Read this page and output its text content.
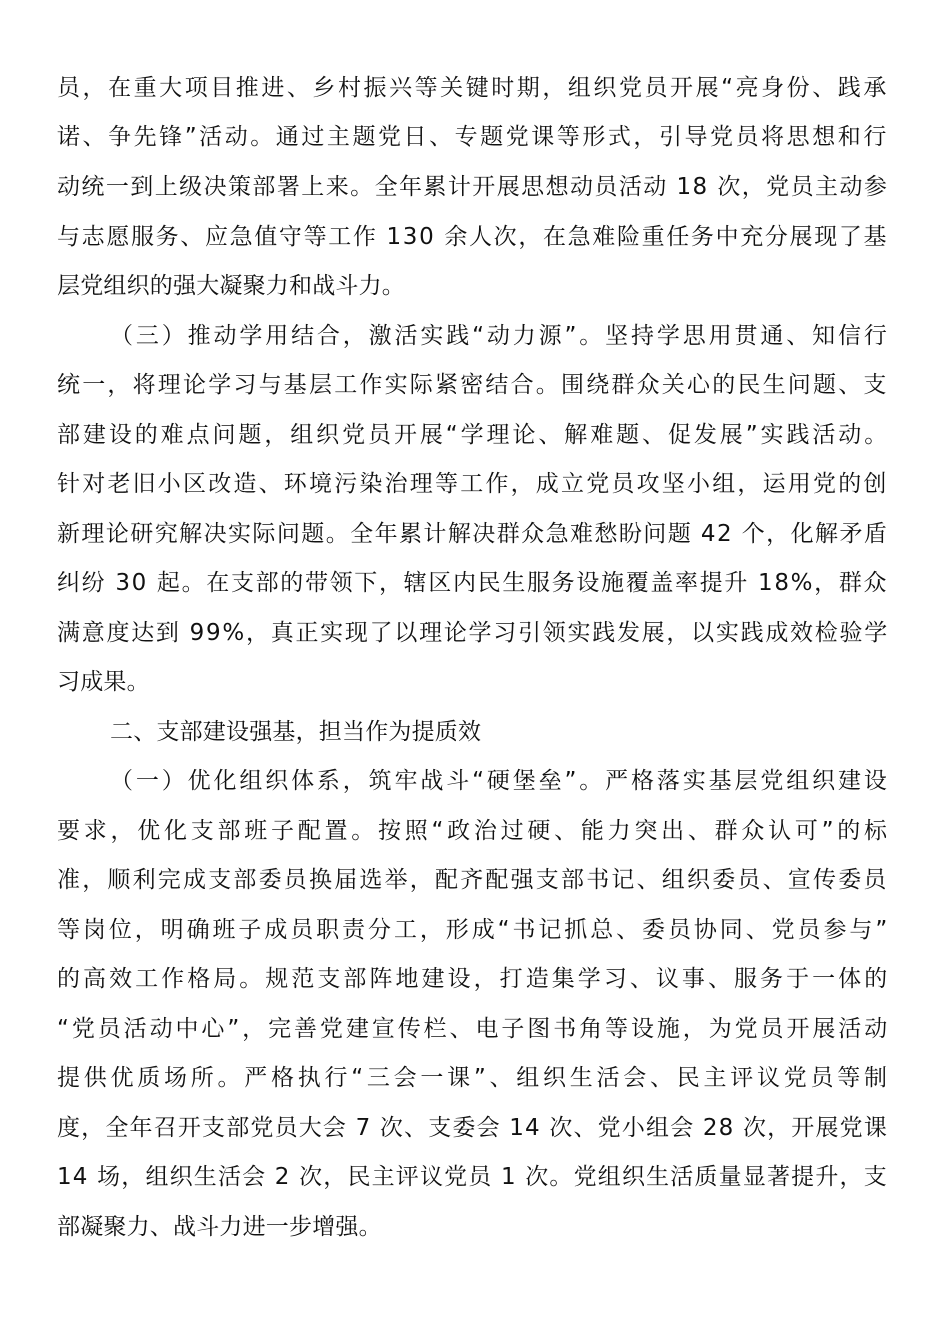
员，在重大项目推进、乡村振兴等关键时期，组织党员开展“亮身份、践承
诺、争先锋”活动。通过主题党日、专题党课等形式，引导党员将思想和行
动统一到上级决策部署上来。全年累计开展思想动员活动 18 次，党员主动参
与志愿服务、应急值守等工作 130 余人次，在急难险重任务中充分展现了基
层党组织的强大凝聚力和战斗力。
（三）推动学用结合，激活实践“动力源”。坚持学思用贯通、知信行
统一，将理论学习与基层工作实际紧密结合。围绕群众关心的民生问题、支
部建设的难点问题，组织党员开展“学理论、解难题、促发展”实践活动。
针对老旧小区改造、环境污染治理等工作，成立党员攻坚小组，运用党的创
新理论研究解决实际问题。全年累计解决群众急难愁盼问题 42 个，化解矛盾
纠纷 30 起。在支部的带领下，辖区内民生服务设施覆盖率提升 18%，群众
满意度达到 99%，真正实现了以理论学习引领实践发展，以实践成效检验学
习成果。
二、支部建设强基，担当作为提质效
（一）优化组织体系，筑牢战斗“硬堡垒”。严格落实基层党组织建设
要求，优化支部班子配置。按照“政治过硬、能力突出、群众认可”的标
准，顺利完成支部委员换届选举，配齐配强支部书记、组织委员、宣传委员
等岗位，明确班子成员职责分工，形成“书记抓总、委员协同、党员参与”
的高效工作格局。规范支部阵地建设，打造集学习、议事、服务于一体的
“党员活动中心”，完善党建宣传栏、电子图书角等设施，为党员开展活动
提供优质场所。严格执行“三会一课”、组织生活会、民主评议党员等制
度，全年召开支部党员大会 7 次、支委会 14 次、党小组会 28 次，开展党课
14 场，组织生活会 2 次，民主评议党员 1 次。党组织生活质量显著提升，支
部凝聚力、战斗力进一步增强。
